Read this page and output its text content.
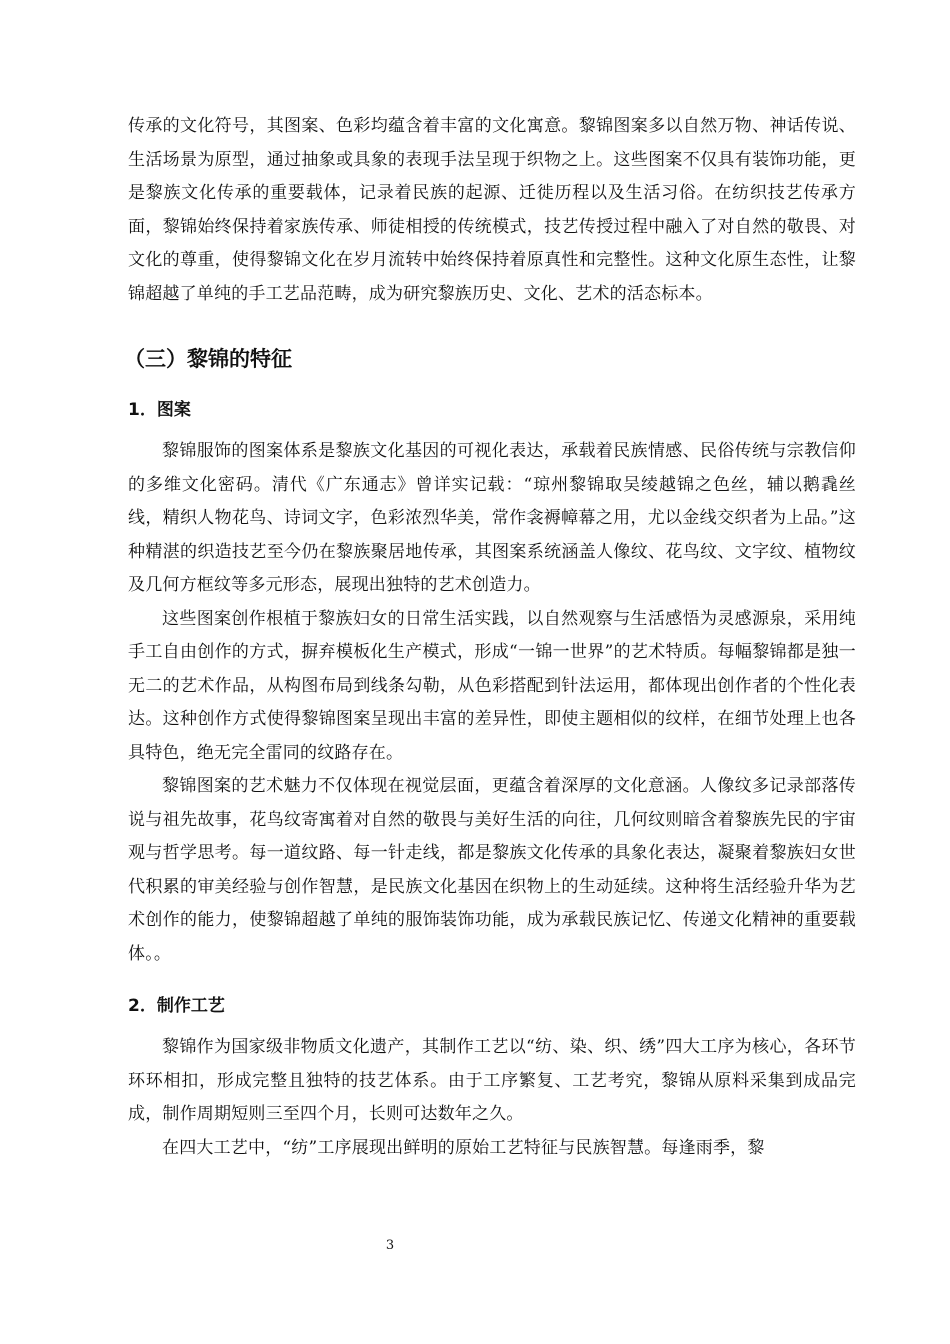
传承的文化符号，其图案、色彩均蕴含着丰富的文化寓意。黎锦图案多以自然万物、神话传说、生活场景为原型，通过抽象或具象的表现手法呈现于织物之上。这些图案不仅具有装饰功能，更是黎族文化传承的重要载体，记录着民族的起源、迁徙历程以及生活习俗。在纺织技艺传承方面，黎锦始终保持着家族传承、师徒相授的传统模式，技艺传授过程中融入了对自然的敬畏、对文化的尊重，使得黎锦文化在岁月流转中始终保持着原真性和完整性。这种文化原生态性，让黎锦超越了单纯的手工艺品范畴，成为研究黎族历史、文化、艺术的活态标本。

（三）黎锦的特征
1．图案

黎锦服饰的图案体系是黎族文化基因的可视化表达，承载着民族情感、民俗传统与宗教信仰的多维文化密码。清代《广东通志》曾详实记载：“琼州黎锦取吴绫越锦之色丝，辅以鹅毳丝线，精织人物花鸟、诗词文字，色彩浓烈华美，常作衾褥幛幕之用，尤以金线交织者为上品。”这种精湛的织造技艺至今仍在黎族聚居地传承，其图案系统涵盖人像纹、花鸟纹、文字纹、植物纹及几何方框纹等多元形态，展现出独特的艺术创造力。

这些图案创作根植于黎族妇女的日常生活实践，以自然观察与生活感悟为灵感源泉，采用纯手工自由创作的方式，摒弃模板化生产模式，形成“一锦一世界”的艺术特质。每幅黎锦都是独一无二的艺术作品，从构图布局到线条勾勒，从色彩搭配到针法运用，都体现出创作者的个性化表达。这种创作方式使得黎锦图案呈现出丰富的差异性，即使主题相似的纹样，在细节处理上也各具特色，绝无完全雷同的纹路存在。

黎锦图案的艺术魅力不仅体现在视觉层面，更蕴含着深厚的文化意涵。人像纹多记录部落传说与祖先故事，花鸟纹寄寓着对自然的敬畏与美好生活的向往，几何纹则暗含着黎族先民的宇宙观与哲学思考。每一道纹路、每一针走线，都是黎族文化传承的具象化表达，凝聚着黎族妇女世代积累的审美经验与创作智慧，是民族文化基因在织物上的生动延续。这种将生活经验升华为艺术创作的能力，使黎锦超越了单纯的服饰装饰功能，成为承载民族记忆、传递文化精神的重要载体。。

2．制作工艺

黎锦作为国家级非物质文化遗产，其制作工艺以“纺、染、织、绣”四大工序为核心，各环节环环相扣，形成完整且独特的技艺体系。由于工序繁复、工艺考究，黎锦从原料采集到成品完成，制作周期短则三至四个月，长则可达数年之久。

在四大工艺中，“纺”工序展现出鲜明的原始工艺特征与民族智慧。每逢雨季，黎

3
